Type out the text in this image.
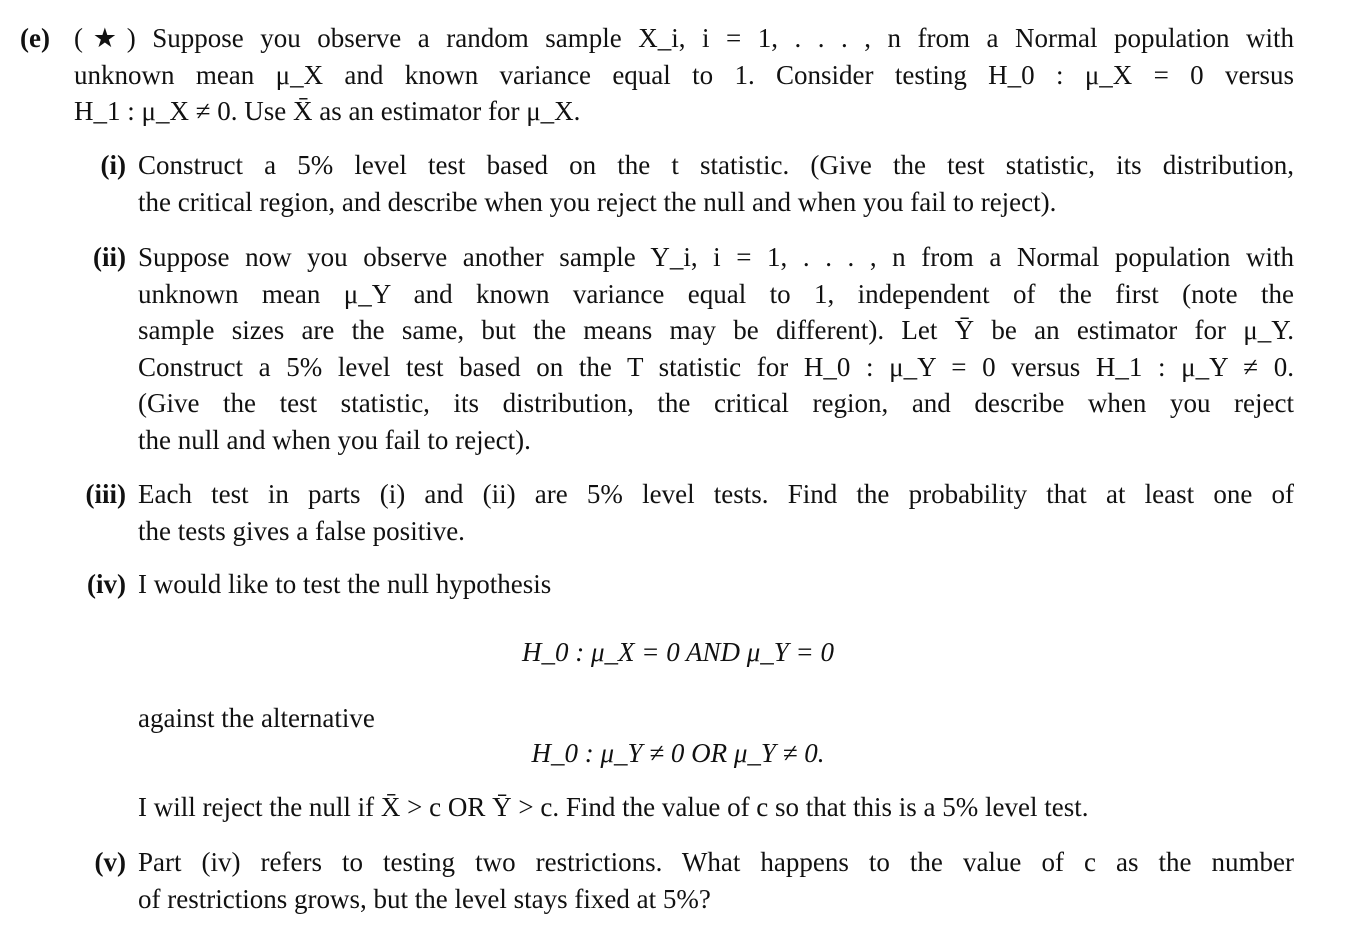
(e) (★) Suppose you observe a random sample X_i, i = 1, . . . , n from a Normal population with
unknown mean μ_X and known variance equal to 1. Consider testing H_0 : μ_X = 0 versus
H_1 : μ_X ≠ 0. Use X̄ as an estimator for μ_X.
(i) Construct a 5% level test based on the t statistic. (Give the test statistic, its distribution,
the critical region, and describe when you reject the null and when you fail to reject).
(ii) Suppose now you observe another sample Y_i, i = 1, . . . , n from a Normal population with
unknown mean μ_Y and known variance equal to 1, independent of the first (note the
sample sizes are the same, but the means may be different). Let Ȳ be an estimator for μ_Y.
Construct a 5% level test based on the T statistic for H_0 : μ_Y = 0 versus H_1 : μ_Y ≠ 0.
(Give the test statistic, its distribution, the critical region, and describe when you reject
the null and when you fail to reject).
(iii) Each test in parts (i) and (ii) are 5% level tests. Find the probability that at least one of
the tests gives a false positive.
(iv) I would like to test the null hypothesis
H_0 : μ_X = 0 AND μ_Y = 0
against the alternative
H_0 : μ_Y ≠ 0 OR μ_Y ≠ 0.
I will reject the null if X̄ > c OR Ȳ > c. Find the value of c so that this is a 5% level test.
(v) Part (iv) refers to testing two restrictions. What happens to the value of c as the number
of restrictions grows, but the level stays fixed at 5%?
